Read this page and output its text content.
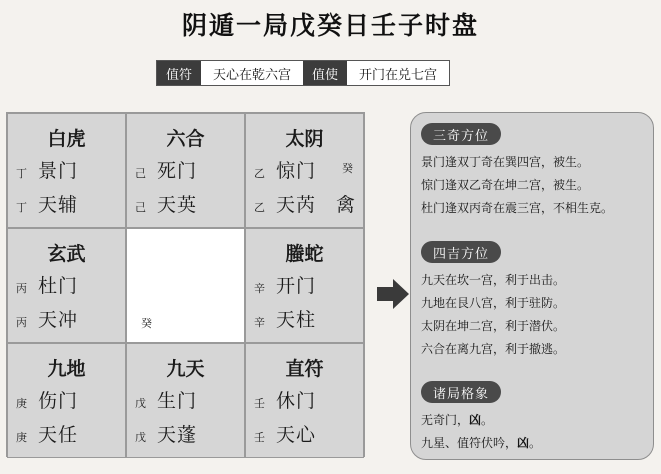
阴遁一局戊癸日壬子时盘
值符	天心在乾六宫	值使	开门在兑七宫
白虎
丁 景门
丁 天辅
六合
己 死门
己 天英
太阴
乙 惊门
乙 天芮
癸
禽
玄武
丙 杜门
丙 天冲	癸
螣蛇
辛 开门
辛 天柱
九地
庚 伤门
庚 天任
九天
戊 生门
戊 天蓬
直符
壬 休门
壬 天心
三奇方位
景门逢双丁奇在巽四宫，被生。
惊门逢双乙奇在坤二宫，被生。
杜门逢双丙奇在震三宫，不相生克。
四吉方位
九天在坎一宫，利于出击。
九地在艮八宫，利于驻防。
太阴在坤二宫，利于潜伏。
六合在离九宫，利于撤逃。
诸局格象
无奇门，凶。
九星、值符伏吟，凶。
